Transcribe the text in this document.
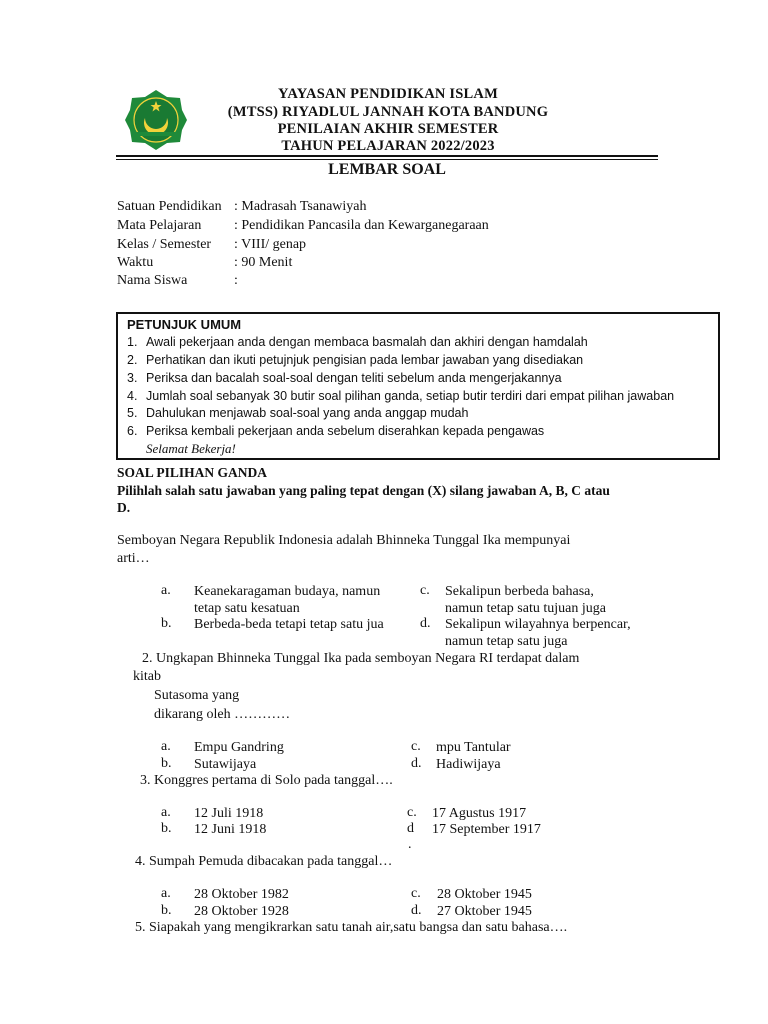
YAYASAN PENDIDIKAN ISLAM
(MTSS) RIYADLUL JANNAH KOTA BANDUNG
PENILAIAN AKHIR SEMESTER
TAHUN PELAJARAN 2022/2023
LEMBAR SOAL
Satuan Pendidikan : Madrasah Tsanawiyah
Mata Pelajaran : Pendidikan Pancasila dan Kewarganegaraan
Kelas / Semester : VIII/ genap
Waktu	: 90 Menit
Nama Siswa	:
PETUNJUK UMUM
1. Awali pekerjaan anda dengan membaca basmalah dan akhiri dengan hamdalah
2. Perhatikan dan ikuti petujnjuk pengisian pada lembar jawaban yang disediakan
3. Periksa dan bacalah soal-soal dengan teliti sebelum anda mengerjakannya
4. Jumlah soal sebanyak 30 butir soal pilihan ganda, setiap butir terdiri dari empat pilihan jawaban
5. Dahulukan menjawab soal-soal yang anda anggap mudah
6. Periksa kembali pekerjaan anda sebelum diserahkan kepada pengawas
Selamat Bekerja!
SOAL PILIHAN GANDA
Pilihlah salah satu jawaban yang paling tepat dengan (X) silang jawaban A, B, C atau
D.
Semboyan Negara Republik Indonesia adalah Bhinneka Tunggal Ika mempunyai
arti…
a. Keanekaragaman budaya, namun
tetap satu kesatuan
b. Berbeda-beda tetapi tetap satu jua
c. Sekalipun berbeda bahasa,
namun tetap satu tujuan juga
d. Sekalipun wilayahnya berpencar,
namun tetap satu juga
2. Ungkapan Bhinneka Tunggal Ika pada semboyan Negara RI terdapat dalam
kitab
Sutasoma yang
dikarang oleh …………
a. Empu Gandring
b. Sutawijaya
c. mpu Tantular
d. Hadiwijaya
3. Konggres pertama di Solo pada tanggal….
a. 12 Juli 1918
b. 12 Juni 1918
c. 17 Agustus 1917
d 17 September 1917
.
4. Sumpah Pemuda dibacakan pada tanggal…
a. 28 Oktober 1982
b. 28 Oktober 1928
c. 28 Oktober 1945
d. 27 Oktober 1945
5. Siapakah yang mengikrarkan satu tanah air,satu bangsa dan satu bahasa….
